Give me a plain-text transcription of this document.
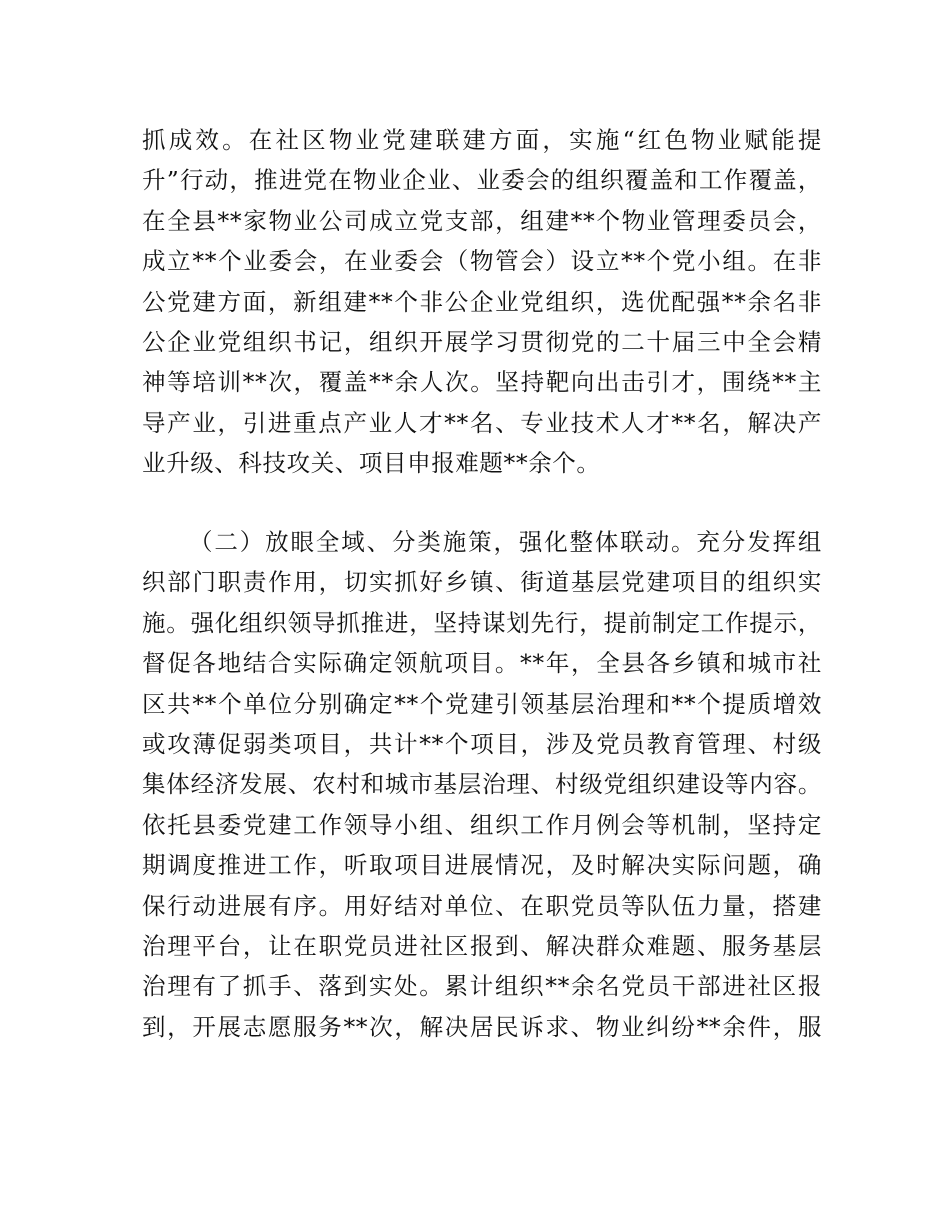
抓成效。在社区物业党建联建方面，实施“红色物业赋能提
升”行动，推进党在物业企业、业委会的组织覆盖和工作覆盖，
在全县**家物业公司成立党支部，组建**个物业管理委员会，
成立**个业委会，在业委会（物管会）设立**个党小组。在非
公党建方面，新组建**个非公企业党组织，选优配强**余名非
公企业党组织书记，组织开展学习贯彻党的二十届三中全会精
神等培训**次，覆盖**余人次。坚持靶向出击引才，围绕**主
导产业，引进重点产业人才**名、专业技术人才**名，解决产
业升级、科技攻关、项目申报难题**余个。
（二）放眼全域、分类施策，强化整体联动。充分发挥组
织部门职责作用，切实抓好乡镇、街道基层党建项目的组织实
施。强化组织领导抓推进，坚持谋划先行，提前制定工作提示，
督促各地结合实际确定领航项目。**年，全县各乡镇和城市社
区共**个单位分别确定**个党建引领基层治理和**个提质增效
或攻薄促弱类项目，共计**个项目，涉及党员教育管理、村级
集体经济发展、农村和城市基层治理、村级党组织建设等内容。
依托县委党建工作领导小组、组织工作月例会等机制，坚持定
期调度推进工作，听取项目进展情况，及时解决实际问题，确
保行动进展有序。用好结对单位、在职党员等队伍力量，搭建
治理平台，让在职党员进社区报到、解决群众难题、服务基层
治理有了抓手、落到实处。累计组织**余名党员干部进社区报
到，开展志愿服务**次，解决居民诉求、物业纠纷**余件，服
